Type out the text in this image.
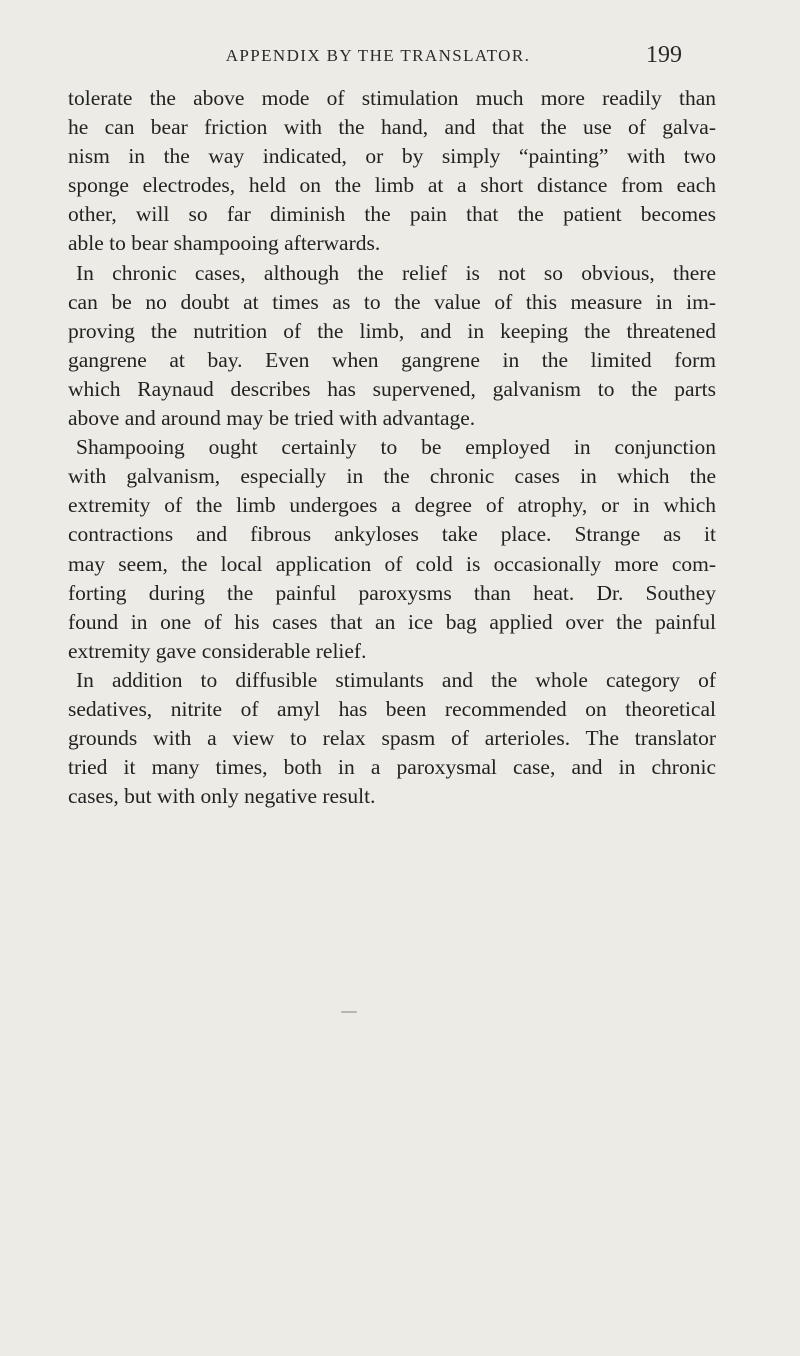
APPENDIX BY THE TRANSLATOR.	199
tolerate the above mode of stimulation much more readily than
he can bear friction with the hand, and that the use of galva-
nism in the way indicated, or by simply “painting” with two
sponge electrodes, held on the limb at a short distance from each
other, will so far diminish the pain that the patient becomes
able to bear shampooing afterwards.
In chronic cases, although the relief is not so obvious, there
can be no doubt at times as to the value of this measure in im-
proving the nutrition of the limb, and in keeping the threatened
gangrene at bay. Even when gangrene in the limited form
which Raynaud describes has supervened, galvanism to the parts
above and around may be tried with advantage.
Shampooing ought certainly to be employed in conjunction
with galvanism, especially in the chronic cases in which the
extremity of the limb undergoes a degree of atrophy, or in which
contractions and fibrous ankyloses take place. Strange as it
may seem, the local application of cold is occasionally more com-
forting during the painful paroxysms than heat. Dr. Southey
found in one of his cases that an ice bag applied over the painful
extremity gave considerable relief.
In addition to diffusible stimulants and the whole category of
sedatives, nitrite of amyl has been recommended on theoretical
grounds with a view to relax spasm of arterioles. The translator
tried it many times, both in a paroxysmal case, and in chronic
cases, but with only negative result.
